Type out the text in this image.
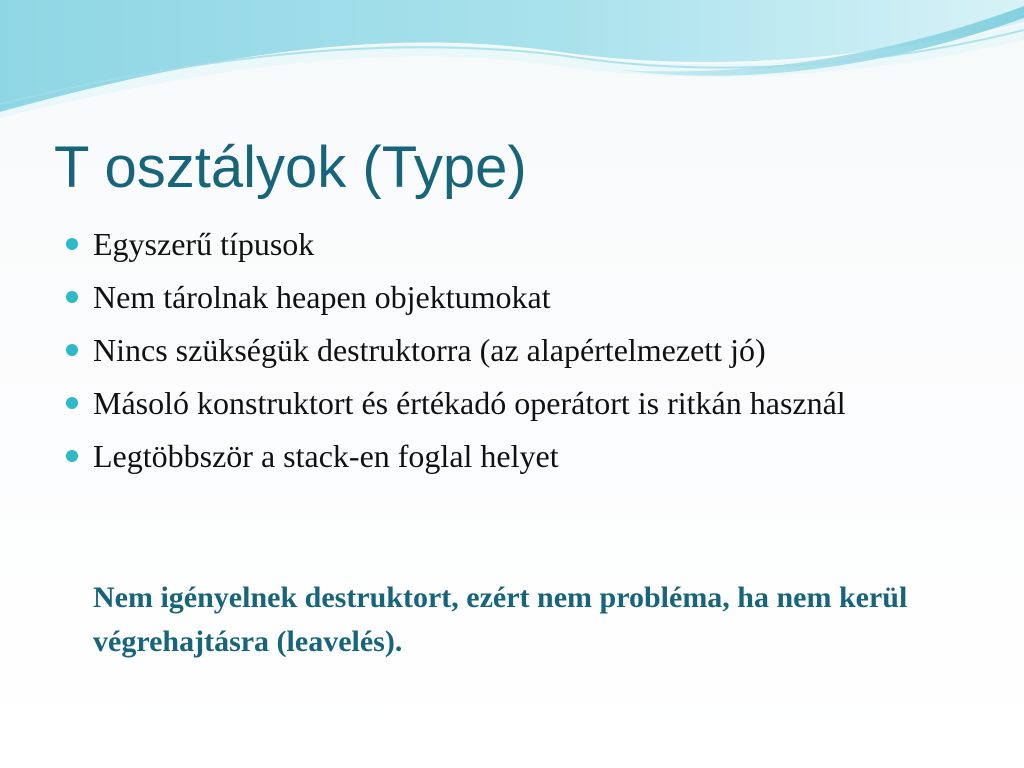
T osztályok (Type)
Egyszerű típusok
Nem tárolnak heapen objektumokat
Nincs szükségük destruktorra (az alapértelmezett jó)
Másoló konstruktort és értékadó operátort is ritkán használ
Legtöbbször a stack-en foglal helyet

Nem igényelnek destruktort, ezért nem probléma, ha nem kerül végrehajtásra (leavelés).
